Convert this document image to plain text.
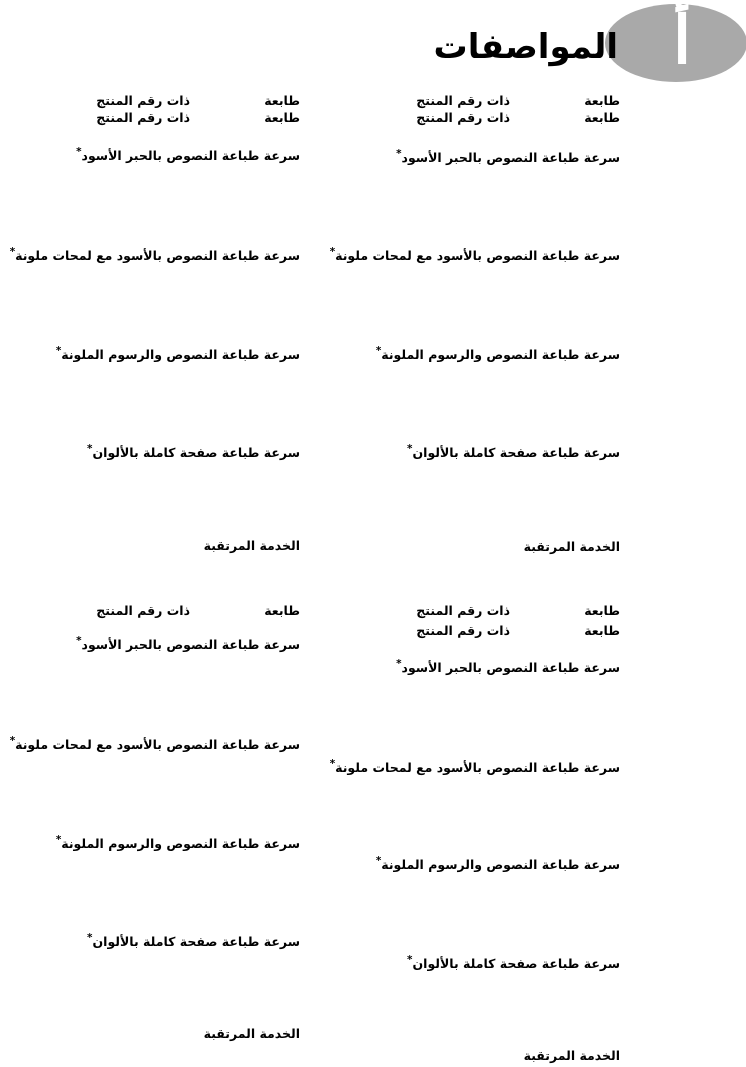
أ
المواصفات
طابعةذات رقم المنتج
طابعةذات رقم المنتج
سرعة طباعة النصوص بالحبر الأسود*
سرعة طباعة النصوص بالأسود مع لمحات ملونة*
سرعة طباعة النصوص والرسوم الملونة*
سرعة طباعة صفحة كاملة بالألوان*
الخدمة المرتقبة
طابعةذات رقم المنتج
طابعةذات رقم المنتج
سرعة طباعة النصوص بالحبر الأسود*
سرعة طباعة النصوص بالأسود مع لمحات ملونة*
سرعة طباعة النصوص والرسوم الملونة*
سرعة طباعة صفحة كاملة بالألوان*
الخدمة المرتقبة
طابعةذات رقم المنتج
طابعةذات رقم المنتج
سرعة طباعة النصوص بالحبر الأسود*
سرعة طباعة النصوص بالأسود مع لمحات ملونة*
سرعة طباعة النصوص والرسوم الملونة*
سرعة طباعة صفحة كاملة بالألوان*
الخدمة المرتقبة
طابعةذات رقم المنتج
سرعة طباعة النصوص بالحبر الأسود*
سرعة طباعة النصوص بالأسود مع لمحات ملونة*
سرعة طباعة النصوص والرسوم الملونة*
سرعة طباعة صفحة كاملة بالألوان*
الخدمة المرتقبة
